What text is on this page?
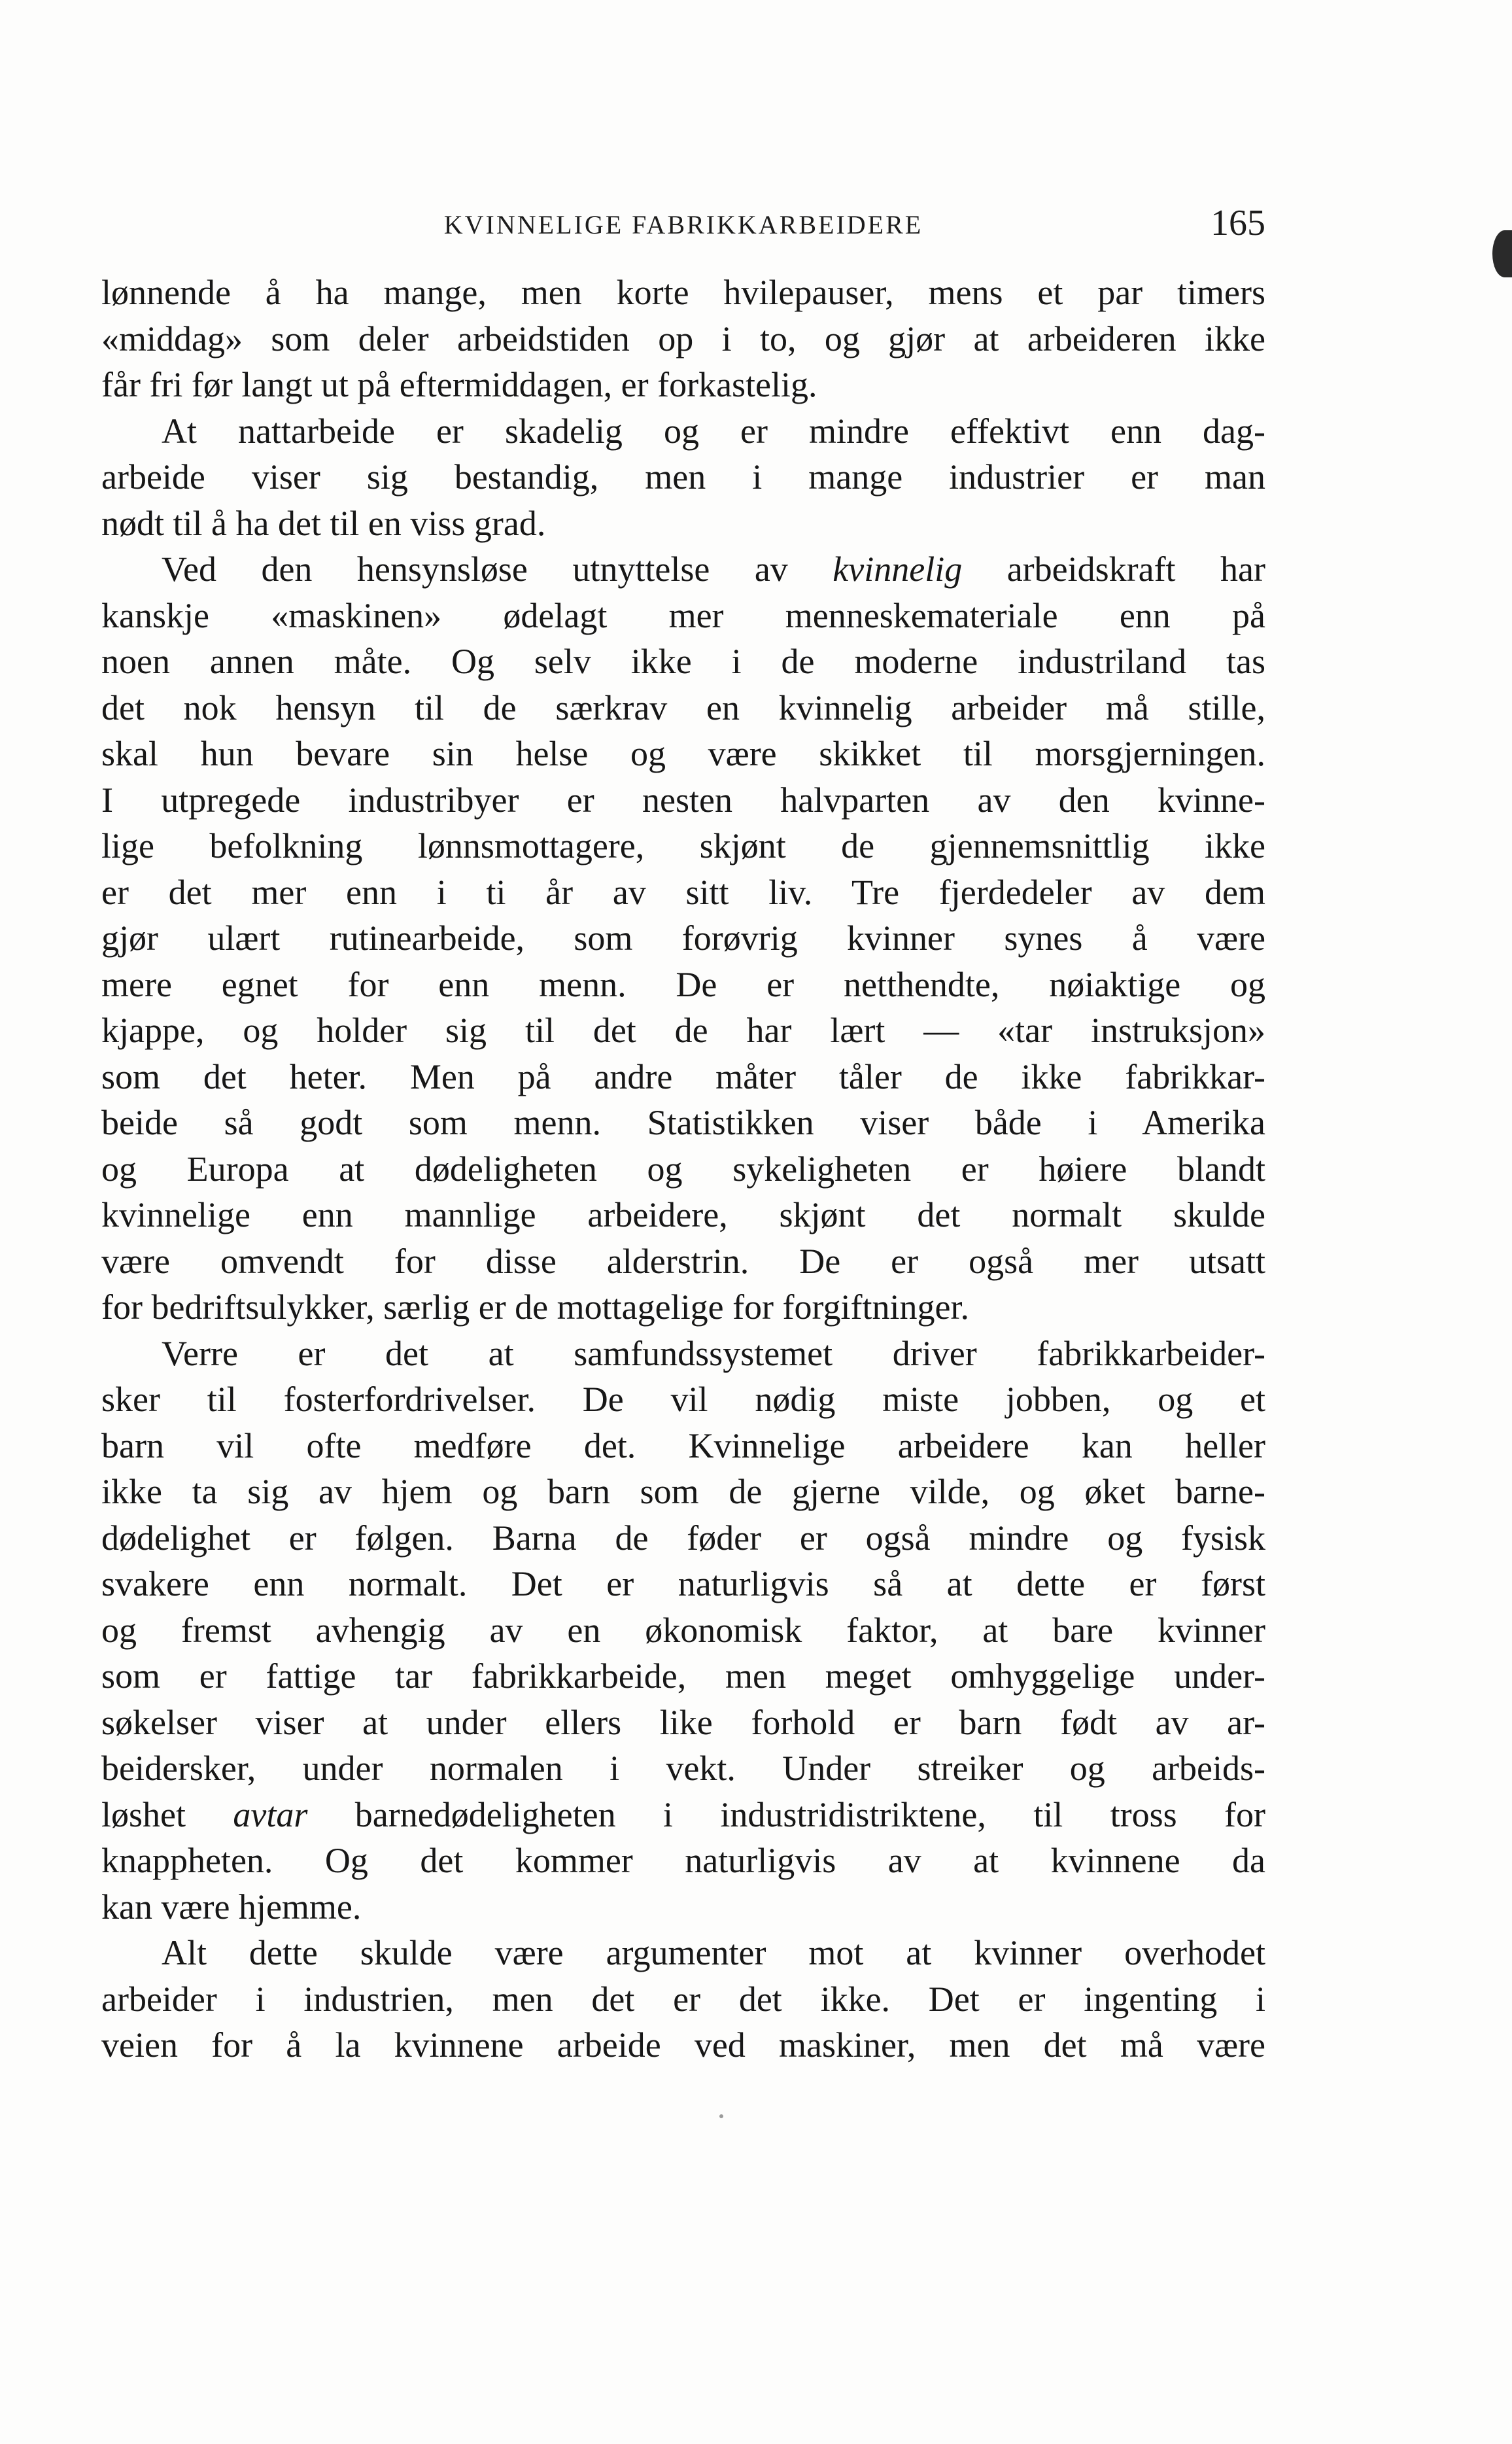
KVINNELIGE FABRIKKARBEIDERE	165
lønnende å ha mange, men korte hvilepauser, mens et par timers
«middag» som deler arbeidstiden op i to, og gjør at arbeideren ikke
får fri før langt ut på eftermiddagen, er forkastelig.
At nattarbeide er skadelig og er mindre effektivt enn dag-
arbeide viser sig bestandig, men i mange industrier er man
nødt til å ha det til en viss grad.
Ved den hensynsløse utnyttelse av kvinnelig arbeidskraft har
kanskje «maskinen» ødelagt mer menneskemateriale enn på
noen annen måte. Og selv ikke i de moderne industriland tas
det nok hensyn til de særkrav en kvinnelig arbeider må stille,
skal hun bevare sin helse og være skikket til morsgjerningen.
I utpregede industribyer er nesten halvparten av den kvinne-
lige befolkning lønnsmottagere, skjønt de gjennemsnittlig ikke
er det mer enn i ti år av sitt liv. Tre fjerdedeler av dem
gjør ulært rutinearbeide, som forøvrig kvinner synes å være
mere egnet for enn menn. De er netthendte, nøiaktige og
kjappe, og holder sig til det de har lært — «tar instruksjon»
som det heter. Men på andre måter tåler de ikke fabrikkar-
beide så godt som menn. Statistikken viser både i Amerika
og Europa at dødeligheten og sykeligheten er høiere blandt
kvinnelige enn mannlige arbeidere, skjønt det normalt skulde
være omvendt for disse alderstrin. De er også mer utsatt
for bedriftsulykker, særlig er de mottagelige for forgiftninger.
Verre er det at samfundssystemet driver fabrikkarbeider-
sker til fosterfordrivelser. De vil nødig miste jobben, og et
barn vil ofte medføre det. Kvinnelige arbeidere kan heller
ikke ta sig av hjem og barn som de gjerne vilde, og øket barne-
dødelighet er følgen. Barna de føder er også mindre og fysisk
svakere enn normalt. Det er naturligvis så at dette er først
og fremst avhengig av en økonomisk faktor, at bare kvinner
som er fattige tar fabrikkarbeide, men meget omhyggelige under-
søkelser viser at under ellers like forhold er barn født av ar-
beidersker, under normalen i vekt. Under streiker og arbeids-
løshet avtar barnedødeligheten i industridistriktene, til tross for
knappheten. Og det kommer naturligvis av at kvinnene da
kan være hjemme.
Alt dette skulde være argumenter mot at kvinner overhodet
arbeider i industrien, men det er det ikke. Det er ingenting i
veien for å la kvinnene arbeide ved maskiner, men det må være
